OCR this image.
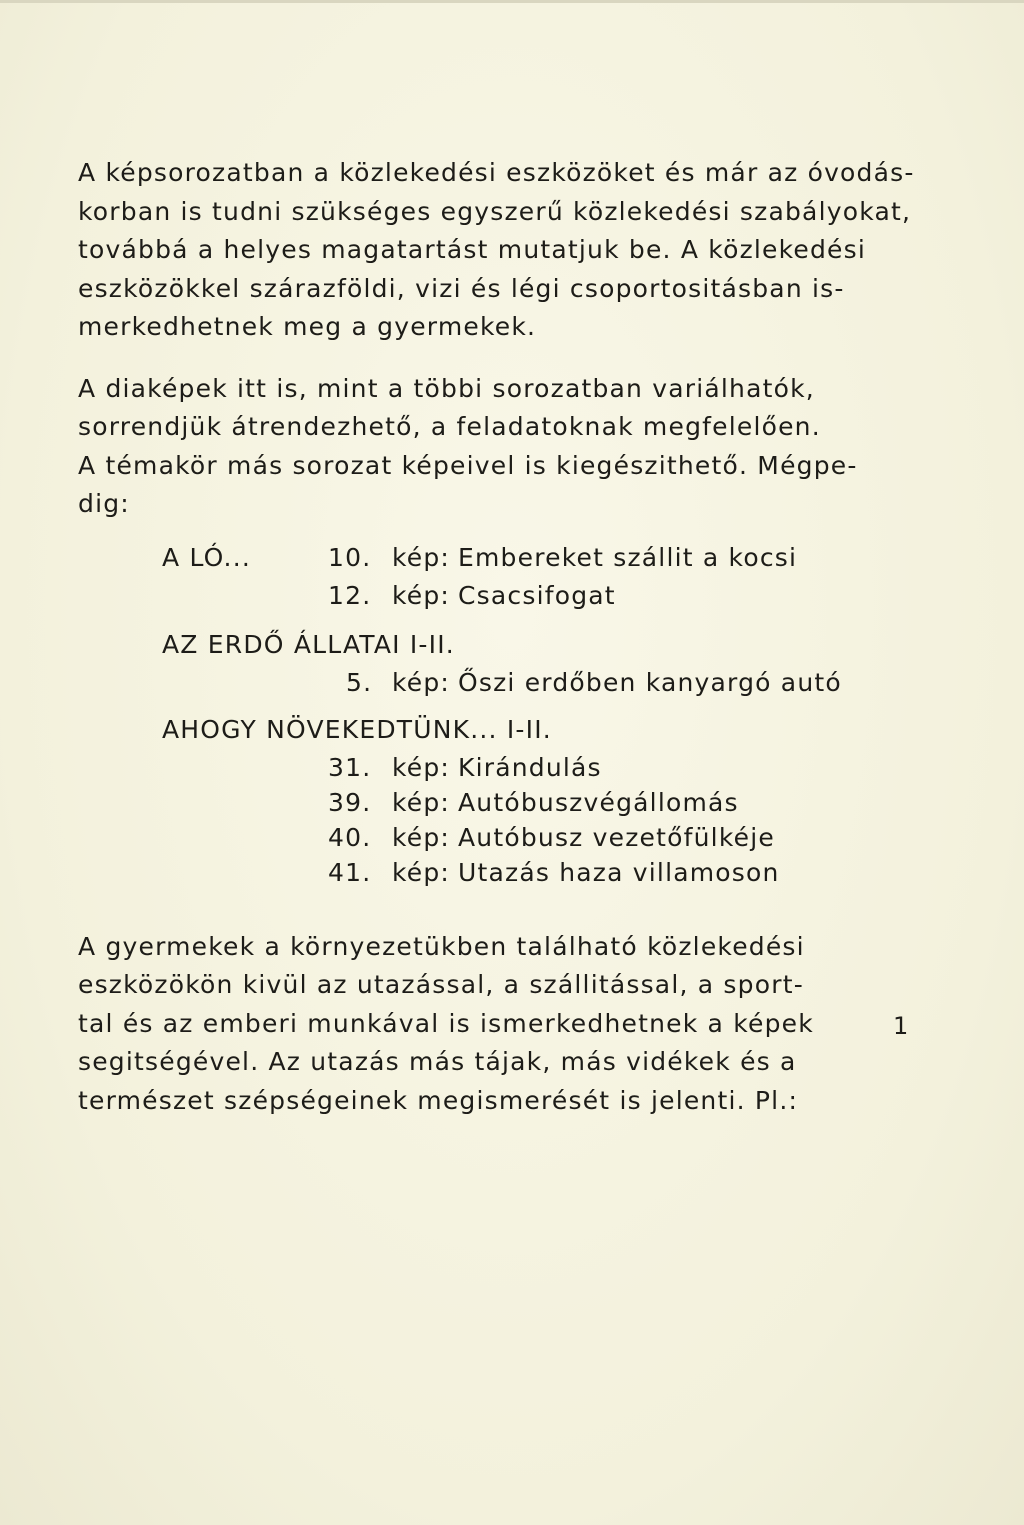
A képsorozatban a közlekedési eszközöket és már az óvodás-
korban is tudni szükséges egyszerű közlekedési szabályokat,
továbbá a helyes magatartást mutatjuk be. A közlekedési
eszközökkel szárazföldi, vizi és légi csoportositásban is-
merkedhetnek meg a gyermekek.

A diaképek itt is, mint a többi sorozatban variálhatók,
sorrendjük átrendezhető, a feladatoknak megfelelően.
A témakör más sorozat képeivel is kiegészithető. Mégpe-
dig:

A LÓ...	10. kép: Embereket szállit a kocsi
12. kép: Csacsifogat
AZ ERDŐ ÁLLATAI I-II.
5. kép: Őszi erdőben kanyargó autó
AHOGY NÖVEKEDTÜNK... I-II.
31. kép: Kirándulás
39. kép: Autóbuszvégállomás
40. kép: Autóbusz vezetőfülkéje
41. kép: Utazás haza villamoson

A gyermekek a környezetükben található közlekedési
eszközökön kivül az utazással, a szállitással, a sport-
tal és az emberi munkával is ismerkedhetnek a képek
segitségével. Az utazás más tájak, más vidékek és a
természet szépségeinek megismerését is jelenti. Pl.:

1
